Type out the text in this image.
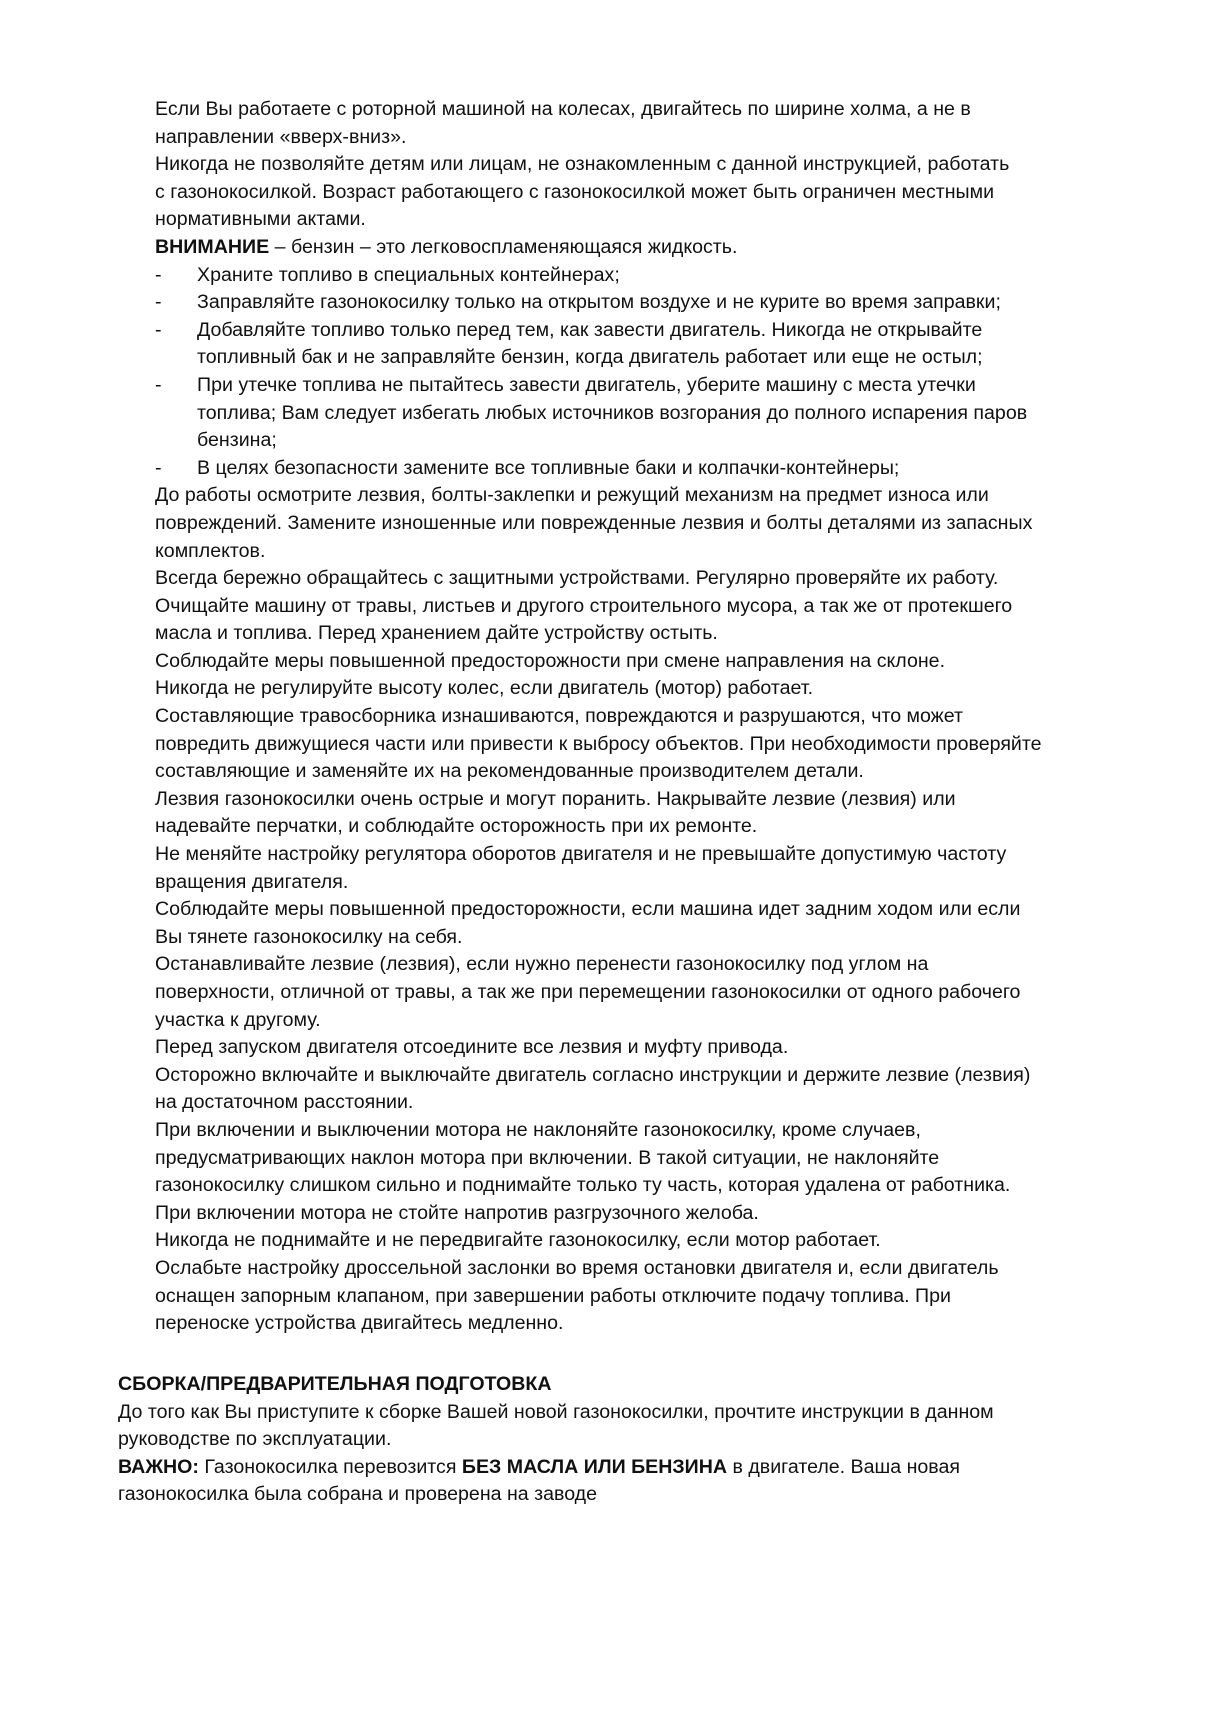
Если Вы работаете с роторной машиной на колесах, двигайтесь по ширине холма, а не в
направлении «вверх-вниз».

Никогда не позволяйте детям или лицам, не ознакомленным с данной инструкцией, работать
с газонокосилкой. Возраст работающего с газонокосилкой может быть ограничен местными
нормативными актами.

ВНИМАНИЕ – бензин – это легковоспламеняющаяся жидкость.

- Храните топливо в специальных контейнерах;
- Заправляйте газонокосилку только на открытом воздухе и не курите во время заправки;
- Добавляйте топливо только перед тем, как завести двигатель. Никогда не открывайте
топливный бак и не заправляйте бензин, когда двигатель работает или еще не остыл;
- При утечке топлива не пытайтесь завести двигатель, уберите машину с места утечки
топлива; Вам следует избегать любых источников возгорания до полного испарения паров
бензина;
- В целях безопасности замените все топливные баки и колпачки-контейнеры;

До работы осмотрите лезвия, болты-заклепки и режущий механизм на предмет износа или
повреждений. Замените изношенные или поврежденные лезвия и болты деталями из запасных
комплектов.

Всегда бережно обращайтесь с защитными устройствами. Регулярно проверяйте их работу.

Очищайте машину от травы, листьев и другого строительного мусора, а так же от протекшего
масла и топлива. Перед хранением дайте устройству остыть.

Соблюдайте меры повышенной предосторожности при смене направления на склоне.

Никогда не регулируйте высоту колес, если двигатель (мотор) работает.

Составляющие травосборника изнашиваются, повреждаются и разрушаются, что может
повредить движущиеся части или привести к выбросу объектов. При необходимости проверяйте
составляющие и заменяйте их на рекомендованные производителем детали.

Лезвия газонокосилки очень острые и могут поранить. Накрывайте лезвие (лезвия) или
надевайте перчатки, и соблюдайте осторожность при их ремонте.

Не меняйте настройку регулятора оборотов двигателя и не превышайте допустимую частоту
вращения двигателя.

Соблюдайте меры повышенной предосторожности, если машина идет задним ходом или если
Вы тянете газонокосилку на себя.

Останавливайте лезвие (лезвия), если нужно перенести газонокосилку под углом на
поверхности, отличной от травы, а так же при перемещении газонокосилки от одного рабочего
участка к другому.

Перед запуском двигателя отсоедините все лезвия и муфту привода.

Осторожно включайте и выключайте двигатель согласно инструкции и держите лезвие (лезвия)
на достаточном расстоянии.

При включении и выключении мотора не наклоняйте газонокосилку, кроме случаев,
предусматривающих наклон мотора при включении. В такой ситуации, не наклоняйте
газонокосилку слишком сильно и поднимайте только ту часть, которая удалена от работника.

При включении мотора не стойте напротив разгрузочного желоба.

Никогда не поднимайте и не передвигайте газонокосилку, если мотор работает.

Ослабьте настройку дроссельной заслонки во время остановки двигателя и, если двигатель
оснащен запорным клапаном, при завершении работы отключите подачу топлива. При
переноске устройства двигайтесь медленно.

СБОРКА/ПРЕДВАРИТЕЛЬНАЯ ПОДГОТОВКА

До того как Вы приступите к сборке Вашей новой газонокосилки, прочтите инструкции в данном
руководстве по эксплуатации.

ВАЖНО: Газонокосилка перевозится БЕЗ МАСЛА ИЛИ БЕНЗИНА в двигателе. Ваша новая
газонокосилка была собрана и проверена на заводе
